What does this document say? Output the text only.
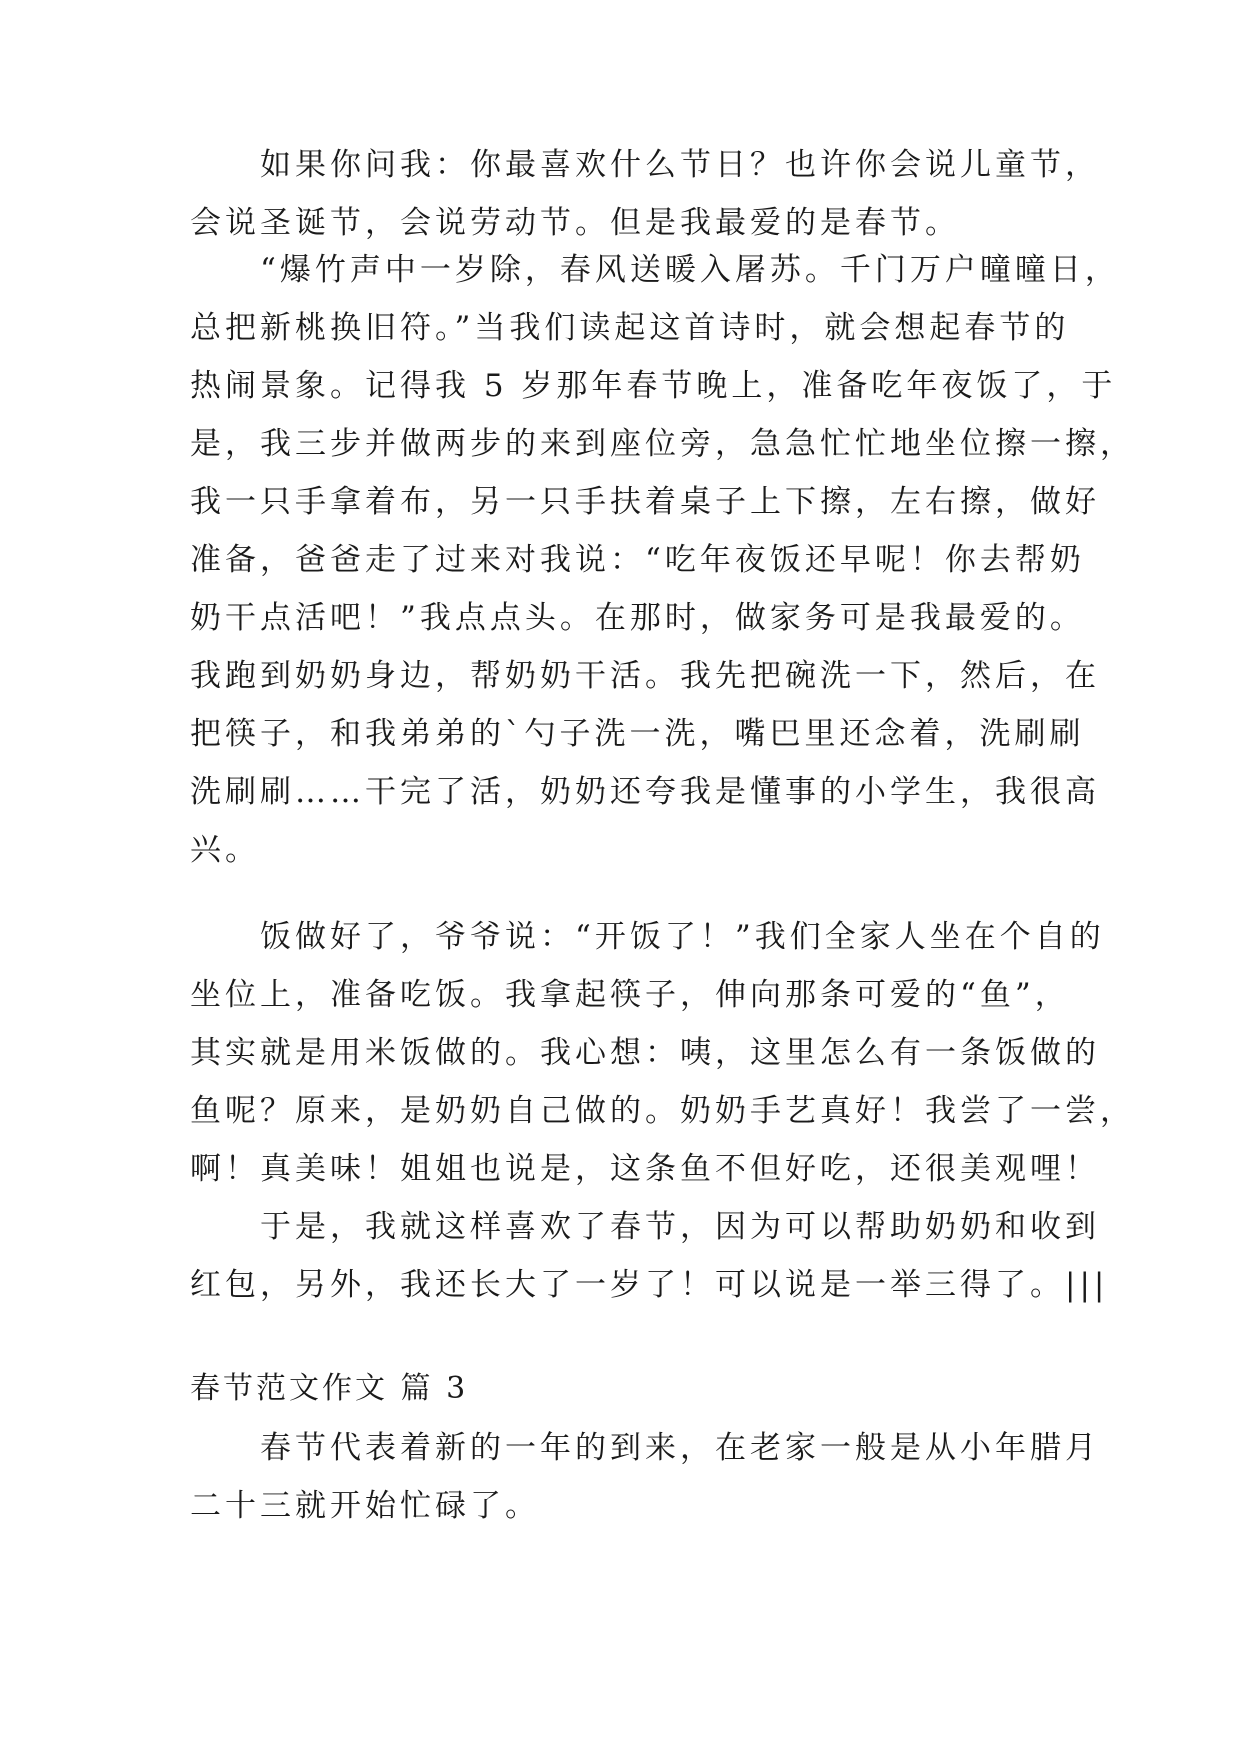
如果你问我：你最喜欢什么节日？也许你会说儿童节，
会说圣诞节，会说劳动节。但是我最爱的是春节。
“爆竹声中一岁除，春风送暖入屠苏。千门万户曈曈日，
总把新桃换旧符。”当我们读起这首诗时，就会想起春节的
热闹景象。记得我 5 岁那年春节晚上，准备吃年夜饭了，于
是，我三步并做两步的来到座位旁，急急忙忙地坐位擦一擦，
我一只手拿着布，另一只手扶着桌子上下擦，左右擦，做好
准备，爸爸走了过来对我说：“吃年夜饭还早呢！你去帮奶
奶干点活吧！”我点点头。在那时，做家务可是我最爱的。
我跑到奶奶身边，帮奶奶干活。我先把碗洗一下，然后，在
把筷子，和我弟弟的`勺子洗一洗，嘴巴里还念着，洗刷刷
洗刷刷……干完了活，奶奶还夸我是懂事的小学生，我很高
兴。
饭做好了，爷爷说：“开饭了！”我们全家人坐在个自的
坐位上，准备吃饭。我拿起筷子，伸向那条可爱的“鱼”，
其实就是用米饭做的。我心想：咦，这里怎么有一条饭做的
鱼呢？原来，是奶奶自己做的。奶奶手艺真好！我尝了一尝，
啊！真美味！姐姐也说是，这条鱼不但好吃，还很美观哩！
于是，我就这样喜欢了春节，因为可以帮助奶奶和收到
红包，另外，我还长大了一岁了！可以说是一举三得了。|||
春节范文作文 篇 3
春节代表着新的一年的到来，在老家一般是从小年腊月
二十三就开始忙碌了。
